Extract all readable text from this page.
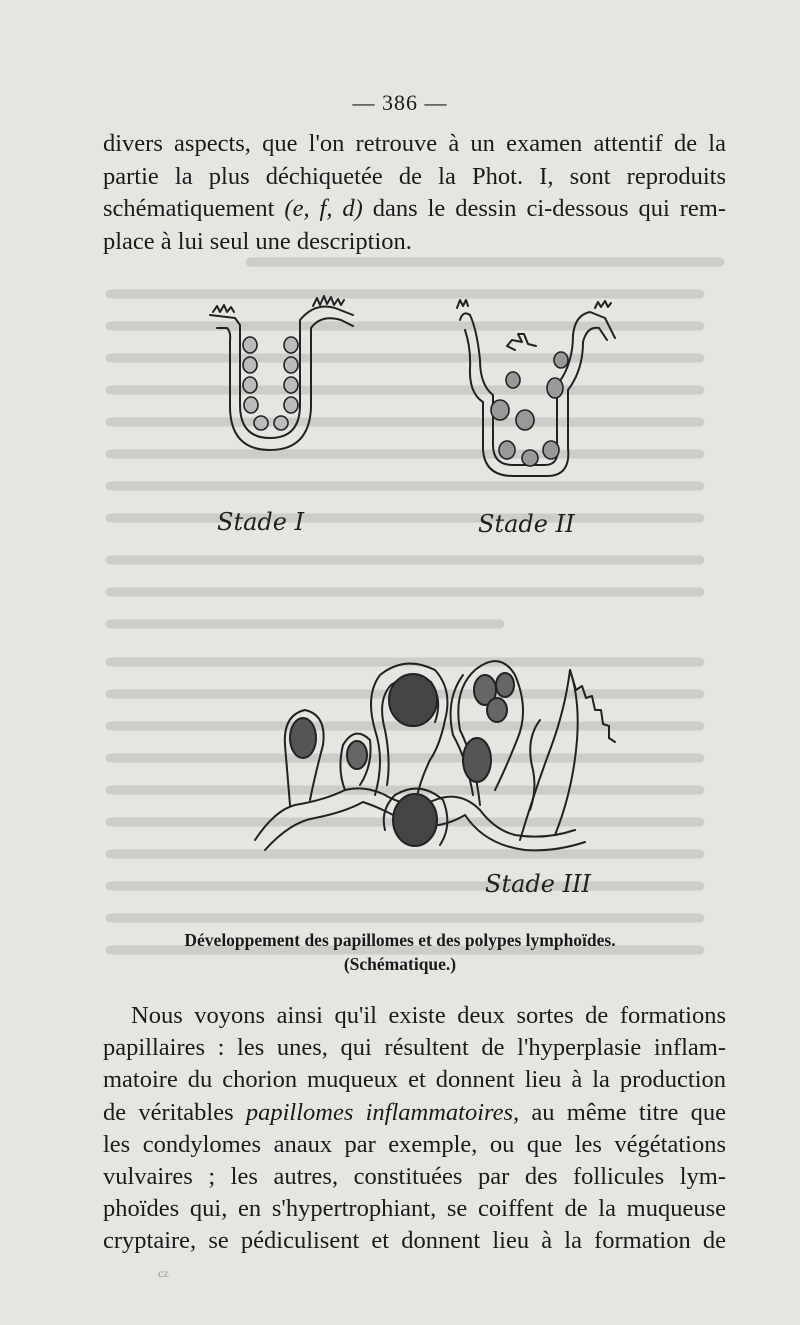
— 386 —

divers aspects, que l'on retrouve à un examen attentif de la
partie la plus déchiquetée de la Phot. I, sont reproduits
schématiquement (e, f, d) dans le dessin ci-dessous qui rem-
place à lui seul une description.

Stade I	Stade II
Stade III
Développement des papillomes et des polypes lymphoïdes.
(Schématique.)

Nous voyons ainsi qu'il existe deux sortes de formations
papillaires : les unes, qui résultent de l'hyperplasie inflam-
matoire du chorion muqueux et donnent lieu à la production
de véritables papillomes inflammatoires, au même titre que
les condylomes anaux par exemple, ou que les végétations
vulvaires ; les autres, constituées par des follicules lym-
phoïdes qui, en s'hypertrophiant, se coiffent de la muqueuse
cryptaire, se pédiculisent et donnent lieu à la formation de

cz
